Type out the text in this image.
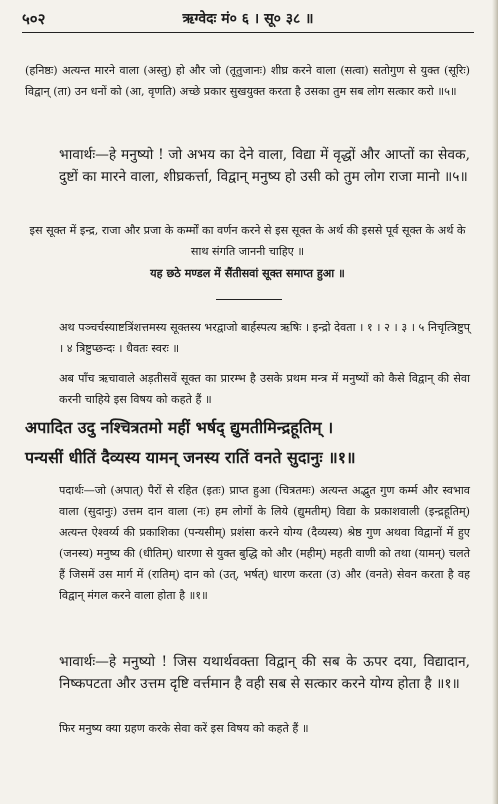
५०२	ऋग्वेदः मं० ६ । सू० ३८ ॥
(हनिष्ठः) अत्यन्त मारने वाला (अस्तु) हो और जो (तूतुजानः) शीघ्र करने वाला (सत्वा) सतोगुण से युक्त (सूरिः) विद्वान् (ता) उन धनों को (आ, वृणति) अच्छे प्रकार सुखयुक्त करता है उसका तुम सब लोग सत्कार करो ॥५॥
भावार्थः—हे मनुष्यो ! जो अभय का देने वाला, विद्या में वृद्धों और आप्तों का सेवक, दुष्टों का मारने वाला, शीघ्रकर्त्ता, विद्वान् मनुष्य हो उसी को तुम लोग राजा मानो ॥५॥
इस सूक्त में इन्द्र, राजा और प्रजा के कर्म्मों का वर्णन करने से इस सूक्त के अर्थ की इससे पूर्व सूक्त के अर्थ के साथ संगति जाननी चाहिए ॥
यह छठे मण्डल में सैंतीसवां सूक्त समाप्त हुआ ॥
अथ पञ्चर्चस्याष्टत्रिंशत्तमस्य सूक्तस्य भरद्वाजो बार्हस्पत्य ऋषिः । इन्द्रो देवता । १ । २ । ३ । ५ निचृत्त्रिष्टुप् । ४ त्रिष्टुप्छन्दः । धैवतः स्वरः ॥
अब पाँच ऋचावाले अड़तीसवें सूक्त का प्रारम्भ है उसके प्रथम मन्त्र में मनुष्यों को कैसे विद्वान् की सेवा करनी चाहिये इस विषय को कहते हैं ॥
अपादित उदु नश्चित्रतमो महीं भर्षद् द्युमतीमिन्द्रहूतिम् ।
पन्यसीं धीतिं दैव्यस्य यामन् जनस्य रातिं वनते सुदानुः ॥१॥
पदार्थः—जो (अपात्) पैरों से रहित (इतः) प्राप्त हुआ (चित्रतमः) अत्यन्त अद्भुत गुण कर्म्म और स्वभाव वाला (सुदानुः) उत्तम दान वाला (नः) हम लोगों के लिये (द्युमतीम्) विद्या के प्रकाशवाली (इन्द्रहूतिम्) अत्यन्त ऐश्वर्य्य की प्रकाशिका (पन्यसीम्) प्रशंसा करने योग्य (दैव्यस्य) श्रेष्ठ गुण अथवा विद्वानों में हुए (जनस्य) मनुष्य की (धीतिम्) धारणा से युक्त बुद्धि को और (महीम्) महती वाणी को तथा (यामन्) चलते हैं जिसमें उस मार्ग में (रातिम्) दान को (उत्, भर्षत्) धारण करता (उ) और (वनते) सेवन करता है वह विद्वान् मंगल करने वाला होता है ॥१॥
भावार्थः—हे मनुष्यो ! जिस यथार्थवक्ता विद्वान् की सब के ऊपर दया, विद्यादान, निष्कपटता और उत्तम दृष्टि वर्त्तमान है वही सब से सत्कार करने योग्य होता है ॥१॥
फिर मनुष्य क्या ग्रहण करके सेवा करें इस विषय को कहते हैं ॥
